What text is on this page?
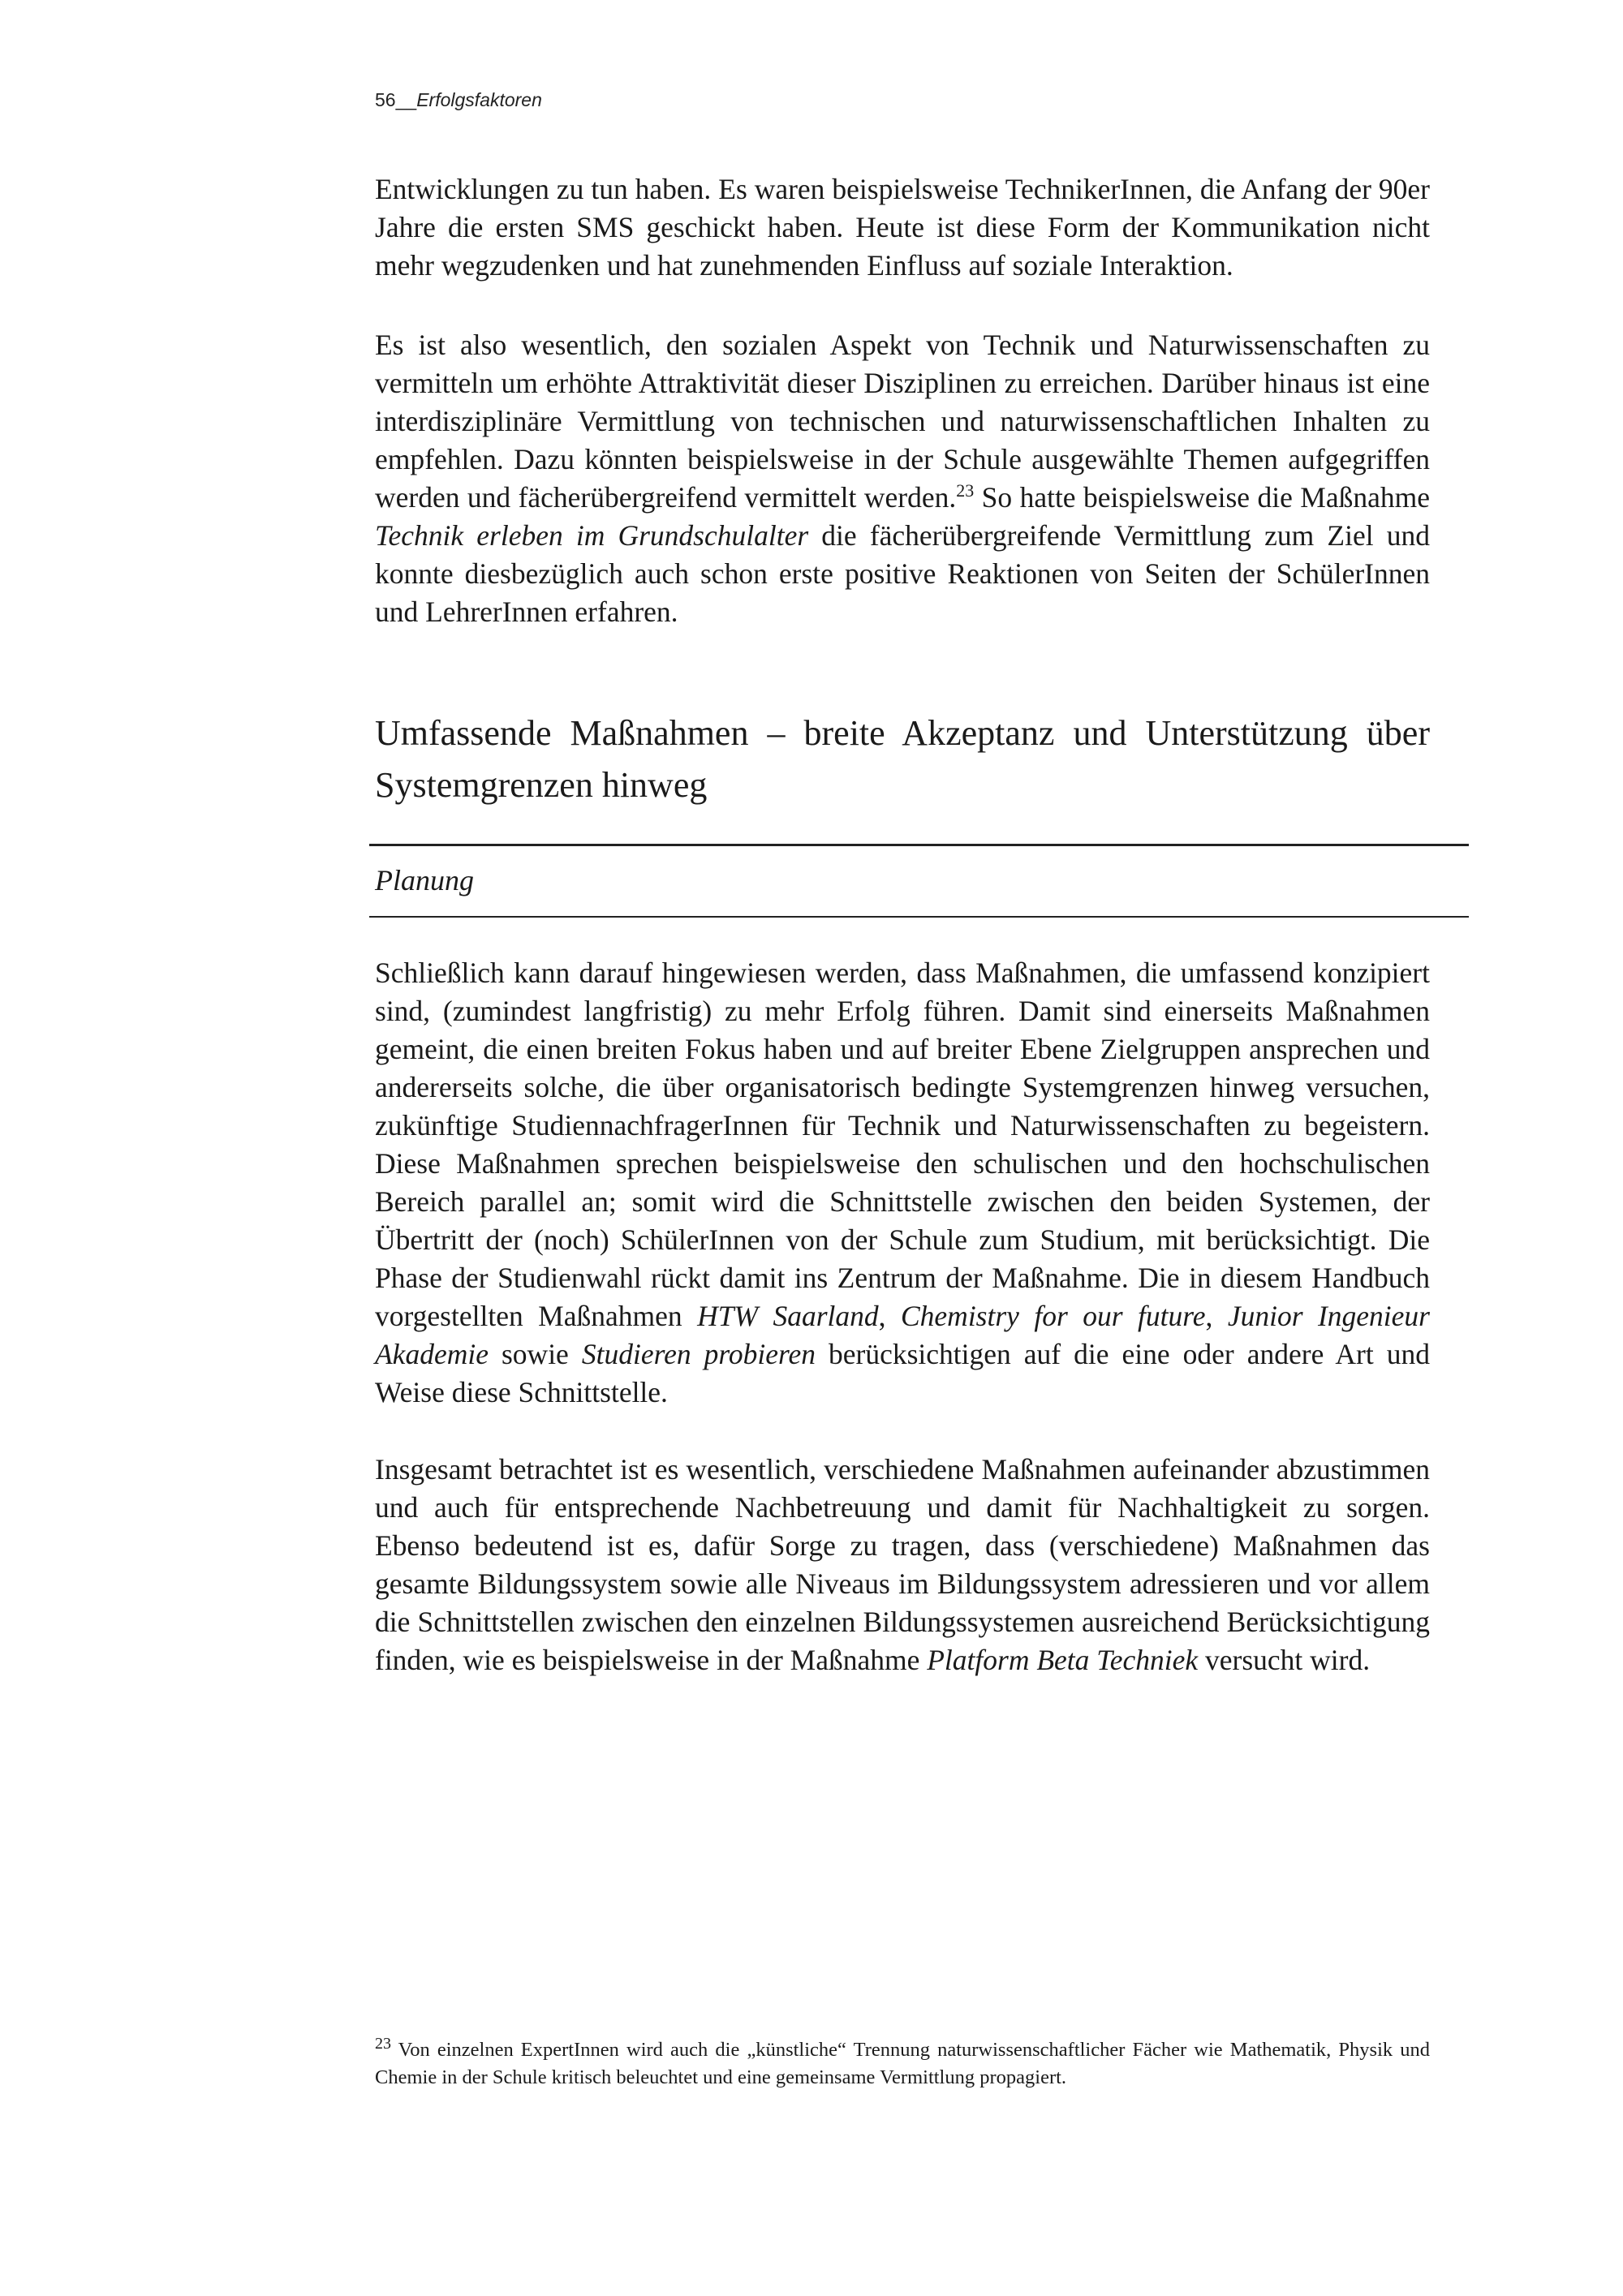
56__Erfolgsfaktoren

Entwicklungen zu tun haben. Es waren beispielsweise TechnikerInnen, die Anfang der 90er Jahre die ersten SMS geschickt haben. Heute ist diese Form der Kommunikation nicht mehr wegzudenken und hat zunehmenden Einfluss auf soziale Interaktion.

Es ist also wesentlich, den sozialen Aspekt von Technik und Naturwissenschaften zu vermitteln um erhöhte Attraktivität dieser Disziplinen zu erreichen. Darüber hinaus ist eine interdisziplinäre Vermittlung von technischen und naturwissenschaftlichen Inhalten zu empfehlen. Dazu könnten beispielsweise in der Schule ausgewählte Themen aufgegriffen werden und fächerübergreifend vermittelt werden.$^{23}$ So hatte beispielsweise die Maßnahme Technik erleben im Grundschulalter die fächerübergreifende Vermittlung zum Ziel und konnte diesbezüglich auch schon erste positive Reaktionen von Seiten der SchülerInnen und LehrerInnen erfahren.

Umfassende Maßnahmen – breite Akzeptanz und Unterstützung über Systemgrenzen hinweg
Planung

Schließlich kann darauf hingewiesen werden, dass Maßnahmen, die umfassend konzipiert sind, (zumindest langfristig) zu mehr Erfolg führen. Damit sind einerseits Maßnahmen gemeint, die einen breiten Fokus haben und auf breiter Ebene Zielgruppen ansprechen und andererseits solche, die über organisatorisch bedingte Systemgrenzen hinweg versuchen, zukünftige StudiennachfragerInnen für Technik und Naturwissenschaften zu begeistern. Diese Maßnahmen sprechen beispielsweise den schulischen und den hochschulischen Bereich parallel an; somit wird die Schnittstelle zwischen den beiden Systemen, der Übertritt der (noch) SchülerInnen von der Schule zum Studium, mit berücksichtigt. Die Phase der Studienwahl rückt damit ins Zentrum der Maßnahme. Die in diesem Handbuch vorgestellten Maßnahmen HTW Saarland, Chemistry for our future, Junior Ingenieur Akademie sowie Studieren probieren berücksichtigen auf die eine oder andere Art und Weise diese Schnittstelle.

Insgesamt betrachtet ist es wesentlich, verschiedene Maßnahmen aufeinander abzustimmen und auch für entsprechende Nachbetreuung und damit für Nachhaltigkeit zu sorgen. Ebenso bedeutend ist es, dafür Sorge zu tragen, dass (verschiedene) Maßnahmen das gesamte Bildungssystem sowie alle Niveaus im Bildungssystem adressieren und vor allem die Schnittstellen zwischen den einzelnen Bildungssystemen ausreichend Berücksichtigung finden, wie es beispielsweise in der Maßnahme Platform Beta Techniek versucht wird.

$^{23}$ Von einzelnen ExpertInnen wird auch die „künstliche“ Trennung naturwissenschaftlicher Fächer wie Mathematik, Physik und Chemie in der Schule kritisch beleuchtet und eine gemeinsame Vermittlung propagiert.
